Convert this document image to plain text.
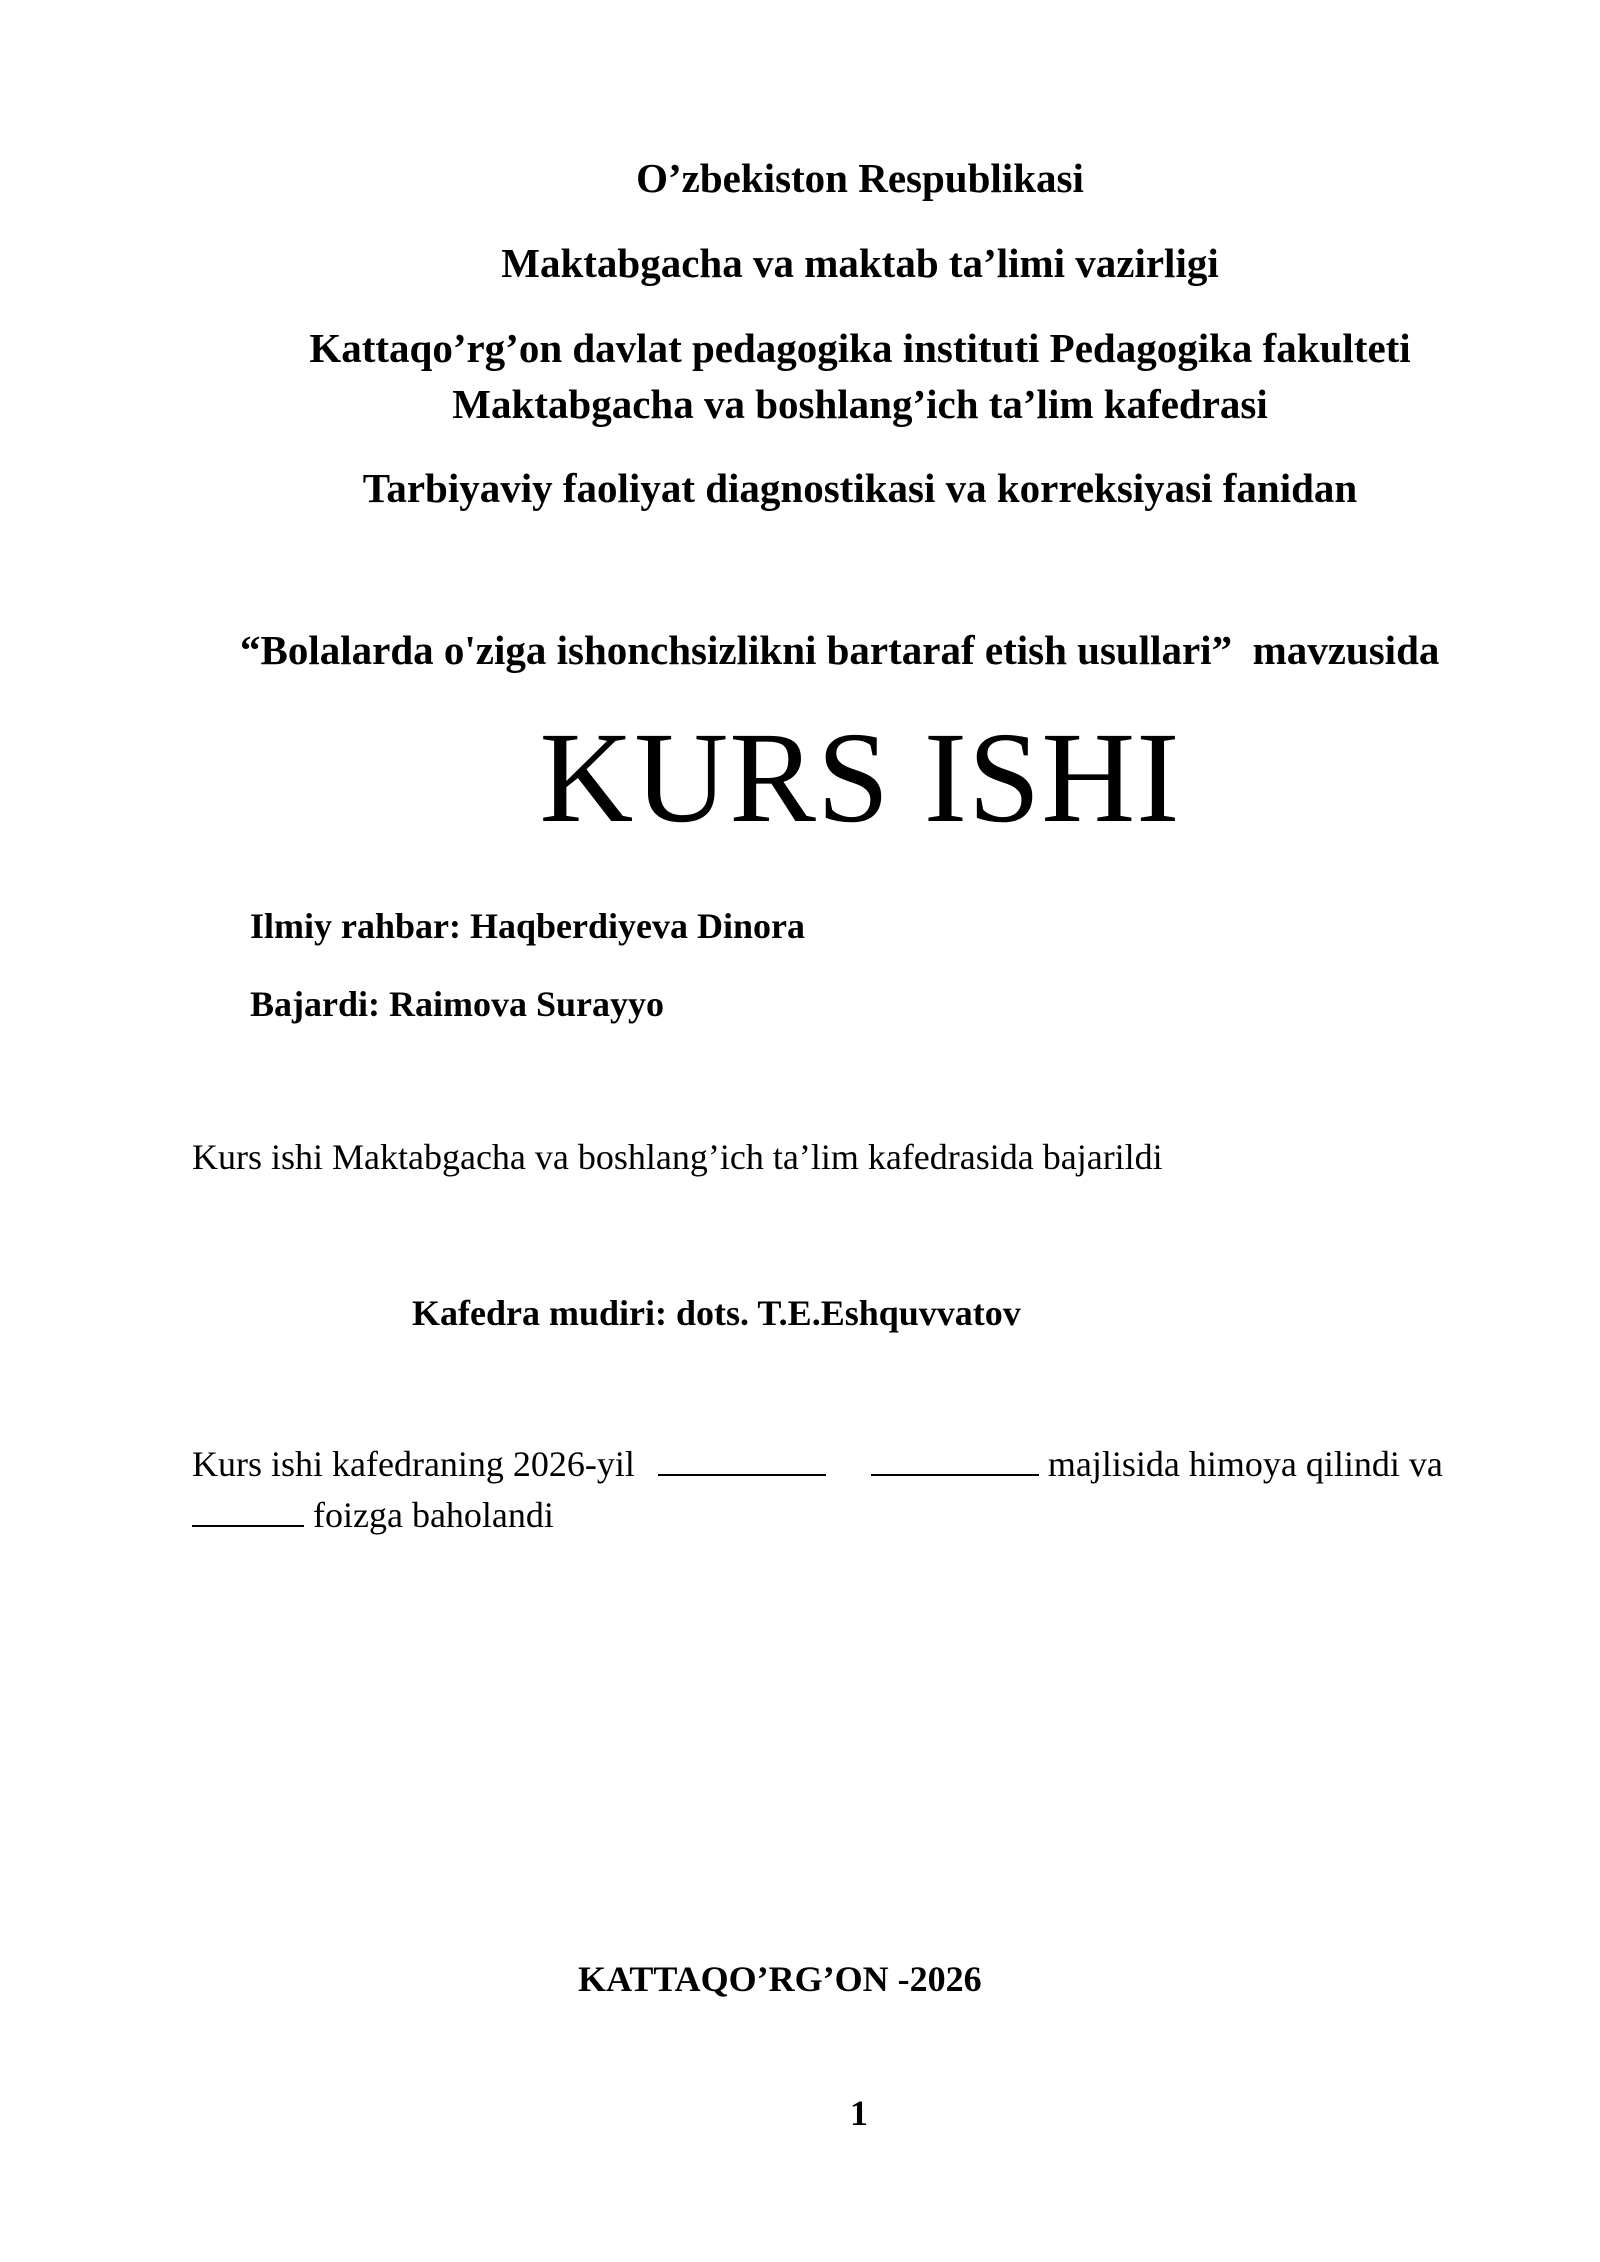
O’zbekiston Respublikasi
Maktabgacha va maktab ta’limi vazirligi
Kattaqo’rg’on davlat pedagogika instituti Pedagogika fakulteti
Maktabgacha va boshlang’ich ta’lim kafedrasi
Tarbiyaviy faoliyat diagnostikasi va korreksiyasi fanidan
“Bolalarda o'ziga ishonchsizlikni bartaraf etish usullari” mavzusida
KURS ISHI
Ilmiy rahbar: Haqberdiyeva Dinora
Bajardi: Raimova Surayyo
Kurs ishi Maktabgacha va boshlang’ich ta’lim kafedrasida bajarildi
Kafedra mudiri: dots. T.E.Eshquvvatov
Kurs ishi kafedraning 2026-yil	majlisida himoya qilindi va
foizga baholandi
KATTAQO’RG’ON -2026
1
